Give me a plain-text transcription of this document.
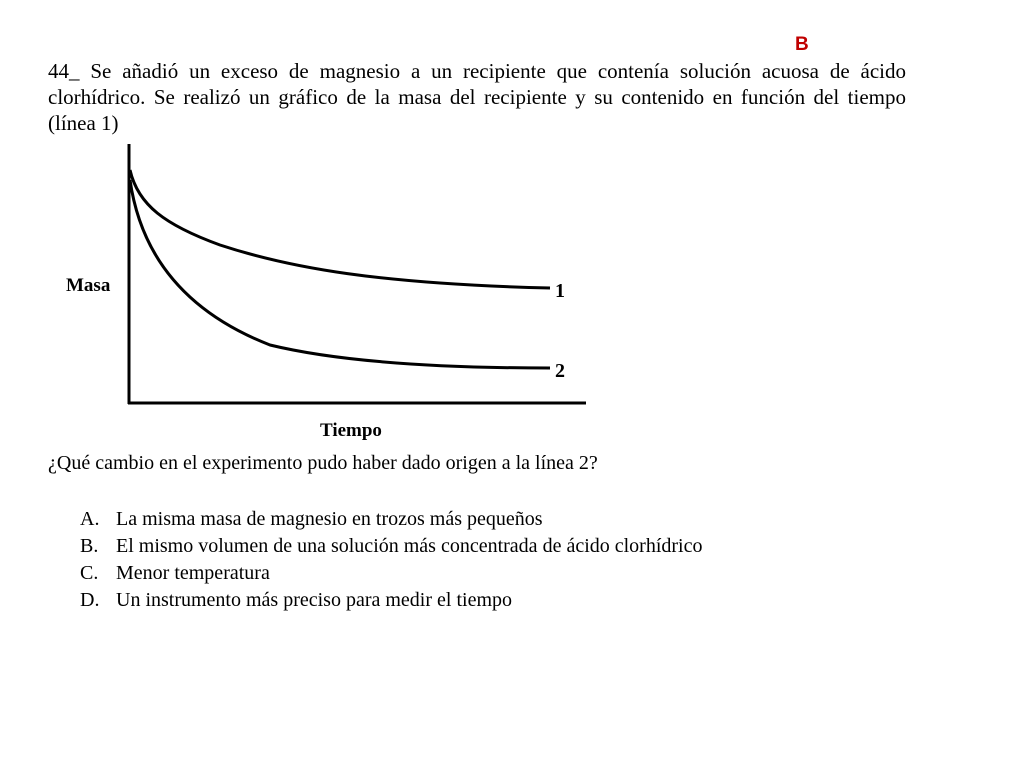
B
44_ Se añadió un exceso de magnesio a un recipiente que contenía solución acuosa de ácido clorhídrico. Se realizó un gráfico de la masa del recipiente y su contenido en función del tiempo (línea 1)
1
2
Masa
Tiempo
¿Qué cambio en el experimento pudo haber dado origen a la línea 2?
A. La misma masa de magnesio en trozos más pequeños
B. El mismo volumen de una solución más concentrada de ácido clorhídrico
C. Menor temperatura
D. Un instrumento más preciso para medir el tiempo
